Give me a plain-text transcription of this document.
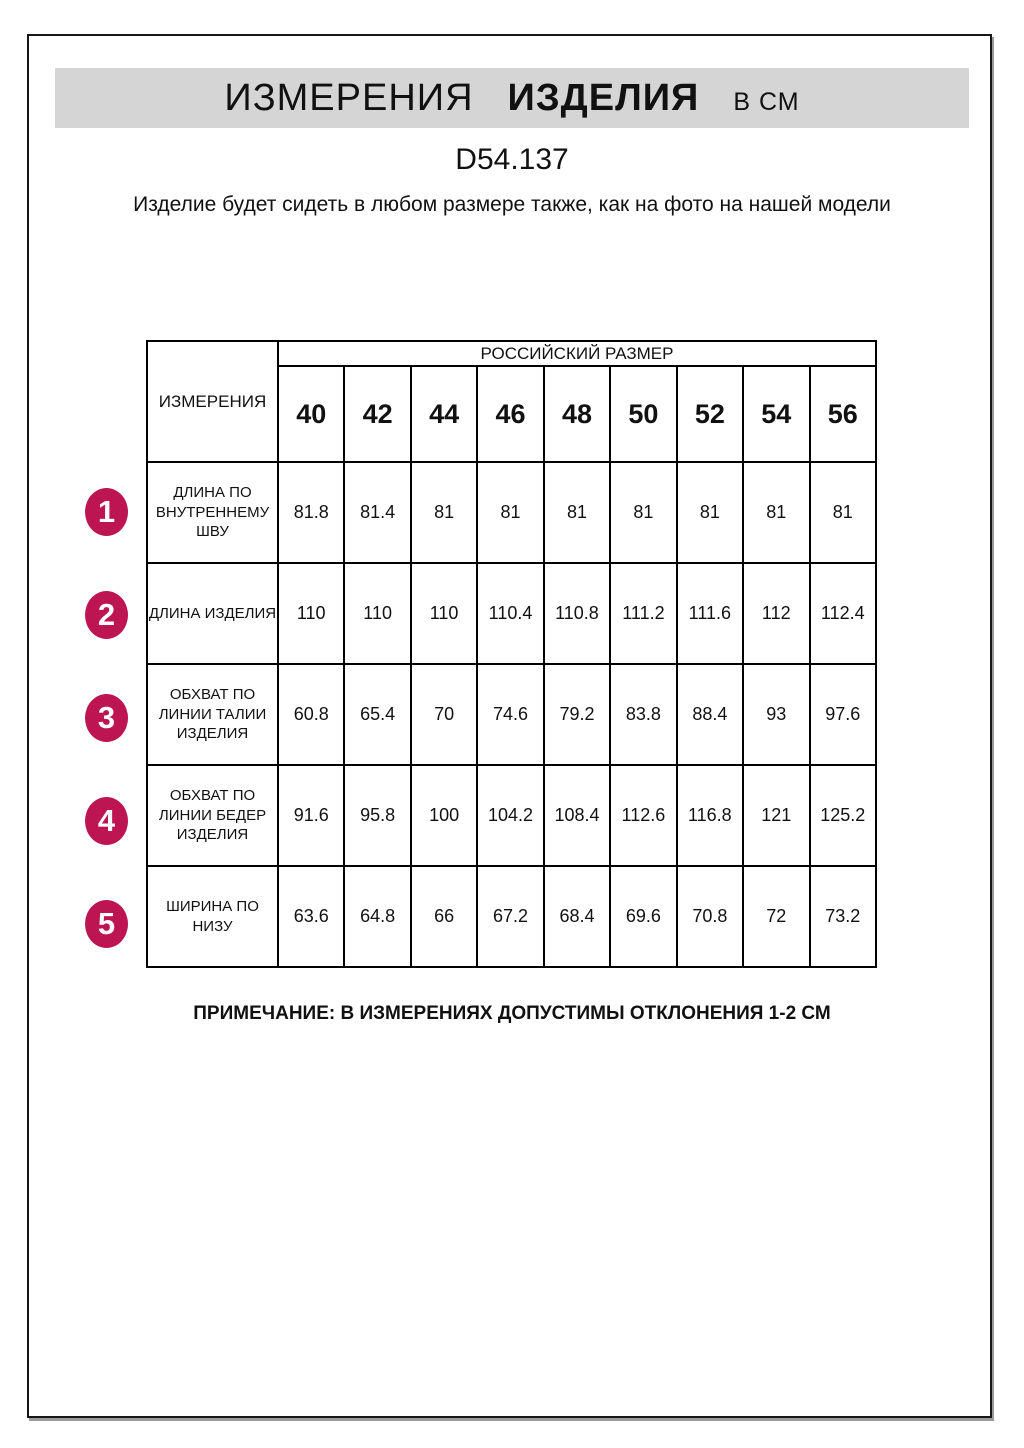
ИЗМЕРЕНИЯ ИЗДЕЛИЯ В СМ
D54.137
Изделие будет сидеть в любом размере также, как на фото на нашей модели
ИЗМЕРЕНИЯ	РОССИЙСКИЙ РАЗМЕР								
	40	42	44	46	48	50	52	54	56
ДЛИНА ПО ВНУТРЕННЕМУ ШВУ	81.8	81.4	81	81	81	81	81	81	81
ДЛИНА ИЗДЕЛИЯ	110	110	110	110.4	110.8	111.2	111.6	112	112.4
ОБХВАТ ПО ЛИНИИ ТАЛИИ ИЗДЕЛИЯ	60.8	65.4	70	74.6	79.2	83.8	88.4	93	97.6
ОБХВАТ ПО ЛИНИИ БЕДЕР ИЗДЕЛИЯ	91.6	95.8	100	104.2	108.4	112.6	116.8	121	125.2
ШИРИНА ПО НИЗУ	63.6	64.8	66	67.2	68.4	69.6	70.8	72	73.2
1
2
3
4
5
ПРИМЕЧАНИЕ: В ИЗМЕРЕНИЯХ ДОПУСТИМЫ ОТКЛОНЕНИЯ 1-2 СМ
